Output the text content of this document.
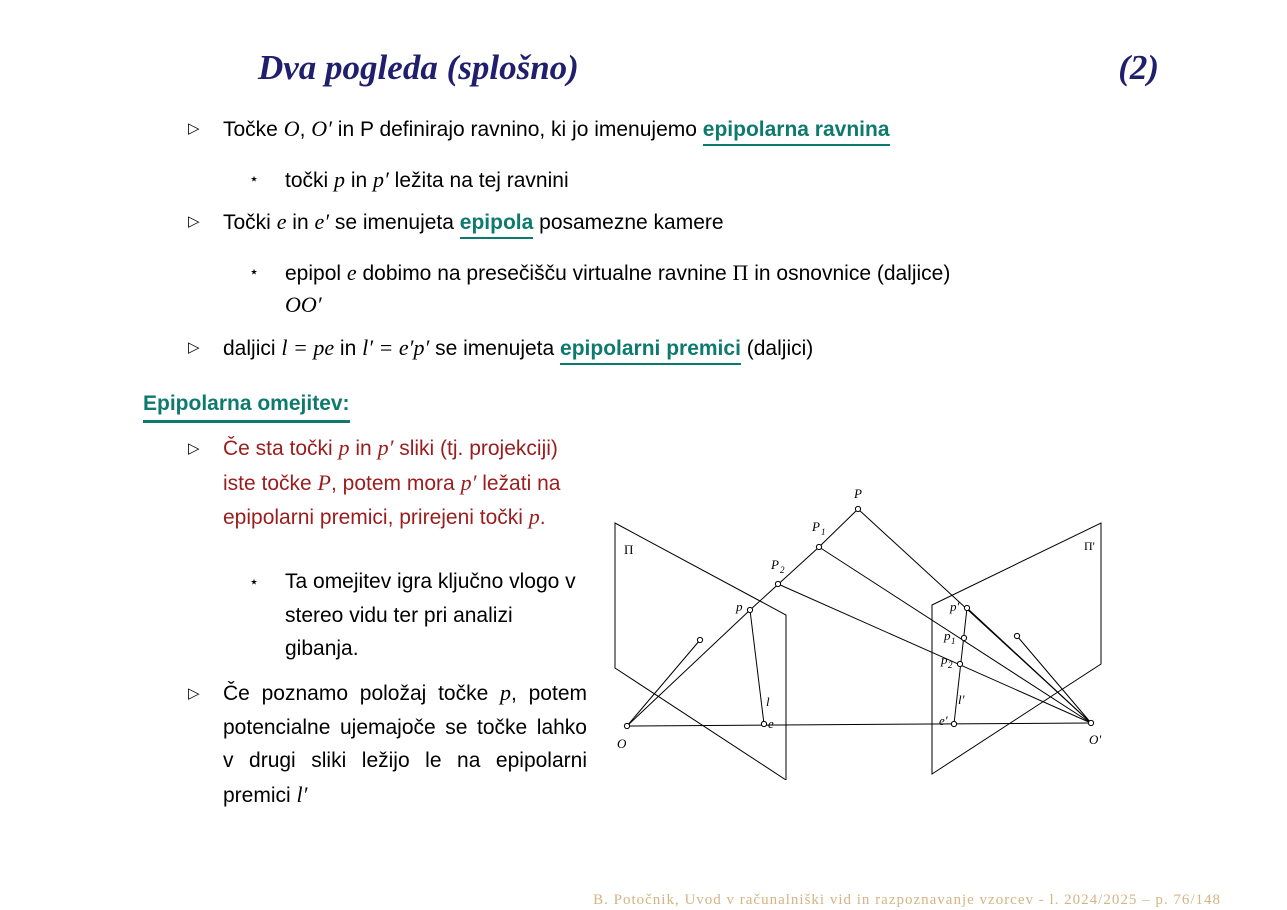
Dva pogleda (splošno)	(2)
▷ Točke O, O′ in P definirajo ravnino, ki jo imenujemo epipolarna ravnina
⋆ točki p in p′ ležita na tej ravnini
▷ Točki e in e′ se imenujeta epipola posamezne kamere
⋆ epipol e dobimo na presečišču virtualne ravnine Π in osnovnice (daljice)
OO′
▷ daljici l = pe in l′ = e′p′ se imenujeta epipolarni premici (daljici)
Epipolarna omejitev:
▷ Če sta točki p in p′ sliki (tj. projekciji) iste točke P, potem mora p′ ležati na epipolarni premici, prirejeni točki p.
⋆ Ta omejitev igra ključno vlogo v stereo vidu ter pri analizi gibanja.
▷ Če poznamo položaj točke p, potem potencialne ujemajoče se točke lahko v drugi sliki ležijo le na epipolarni premici l′
P
P 1
P 2
Π	Π'
p
l
e
O
p'
p 1
p 2
l'
e'
O'
B. Potočnik, Uvod v računalniški vid in razpoznavanje vzorcev - l. 2024/2025 – p. 76/148
